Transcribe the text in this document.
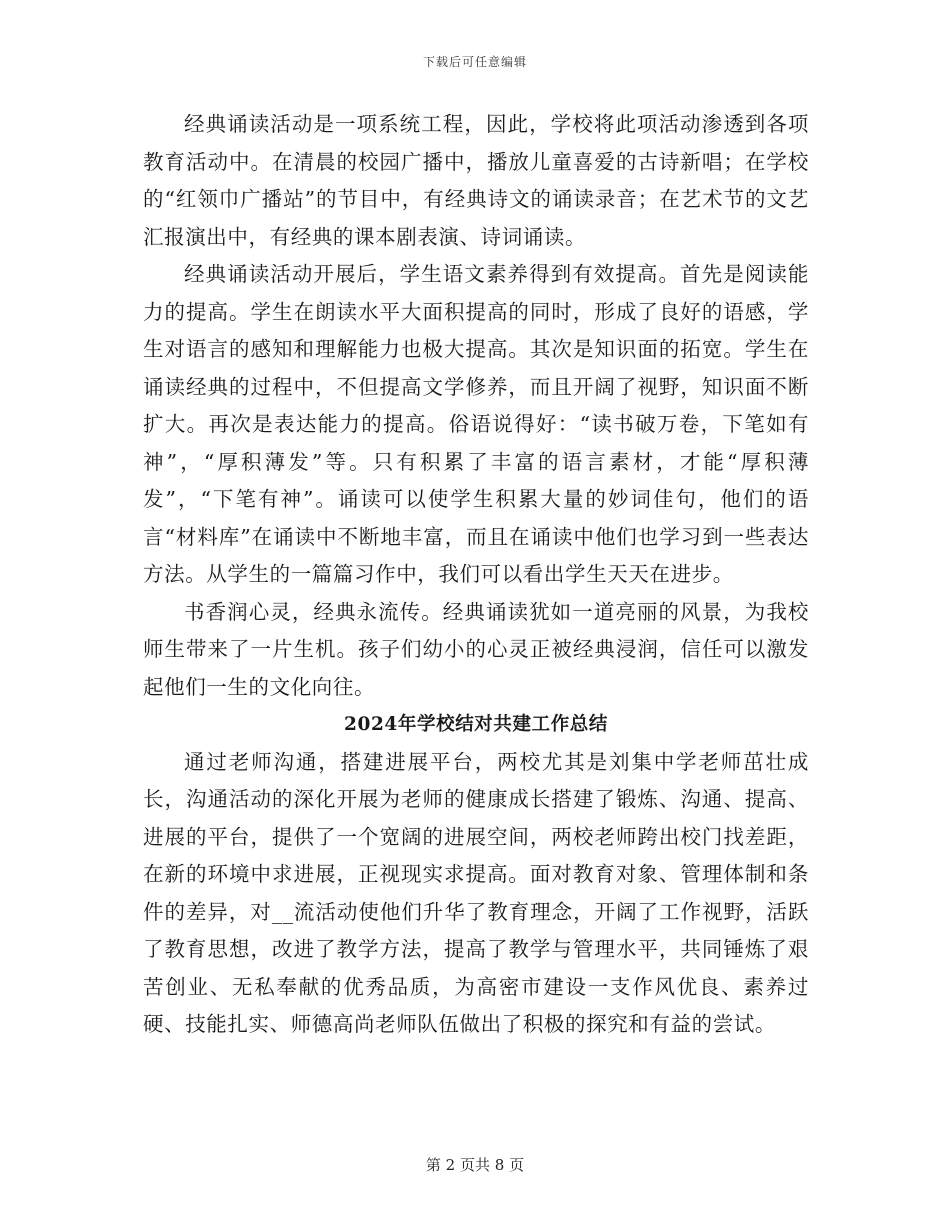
下载后可任意编辑

经典诵读活动是一项系统工程，因此，学校将此项活动渗透到各项教育活动中。在清晨的校园广播中，播放儿童喜爱的古诗新唱；在学校的“红领巾广播站”的节目中，有经典诗文的诵读录音；在艺术节的文艺汇报演出中，有经典的课本剧表演、诗词诵读。

经典诵读活动开展后，学生语文素养得到有效提高。首先是阅读能力的提高。学生在朗读水平大面积提高的同时，形成了良好的语感，学生对语言的感知和理解能力也极大提高。其次是知识面的拓宽。学生在诵读经典的过程中，不但提高文学修养，而且开阔了视野，知识面不断扩大。再次是表达能力的提高。俗语说得好：“读书破万卷，下笔如有神”，“厚积薄发”等。只有积累了丰富的语言素材，才能“厚积薄发”，“下笔有神”。诵读可以使学生积累大量的妙词佳句，他们的语言“材料库”在诵读中不断地丰富，而且在诵读中他们也学习到一些表达方法。从学生的一篇篇习作中，我们可以看出学生天天在进步。

书香润心灵，经典永流传。经典诵读犹如一道亮丽的风景，为我校师生带来了一片生机。孩子们幼小的心灵正被经典浸润，信任可以激发起他们一生的文化向往。

2024年学校结对共建工作总结

通过老师沟通，搭建进展平台，两校尤其是刘集中学老师茁壮成长，沟通活动的深化开展为老师的健康成长搭建了锻炼、沟通、提高、进展的平台，提供了一个宽阔的进展空间，两校老师跨出校门找差距，在新的环境中求进展，正视现实求提高。面对教育对象、管理体制和条件的差异，对__流活动使他们升华了教育理念，开阔了工作视野，活跃了教育思想，改进了教学方法，提高了教学与管理水平，共同锤炼了艰苦创业、无私奉献的优秀品质，为高密市建设一支作风优良、素养过硬、技能扎实、师德高尚老师队伍做出了积极的探究和有益的尝试。

第 2 页共 8 页
